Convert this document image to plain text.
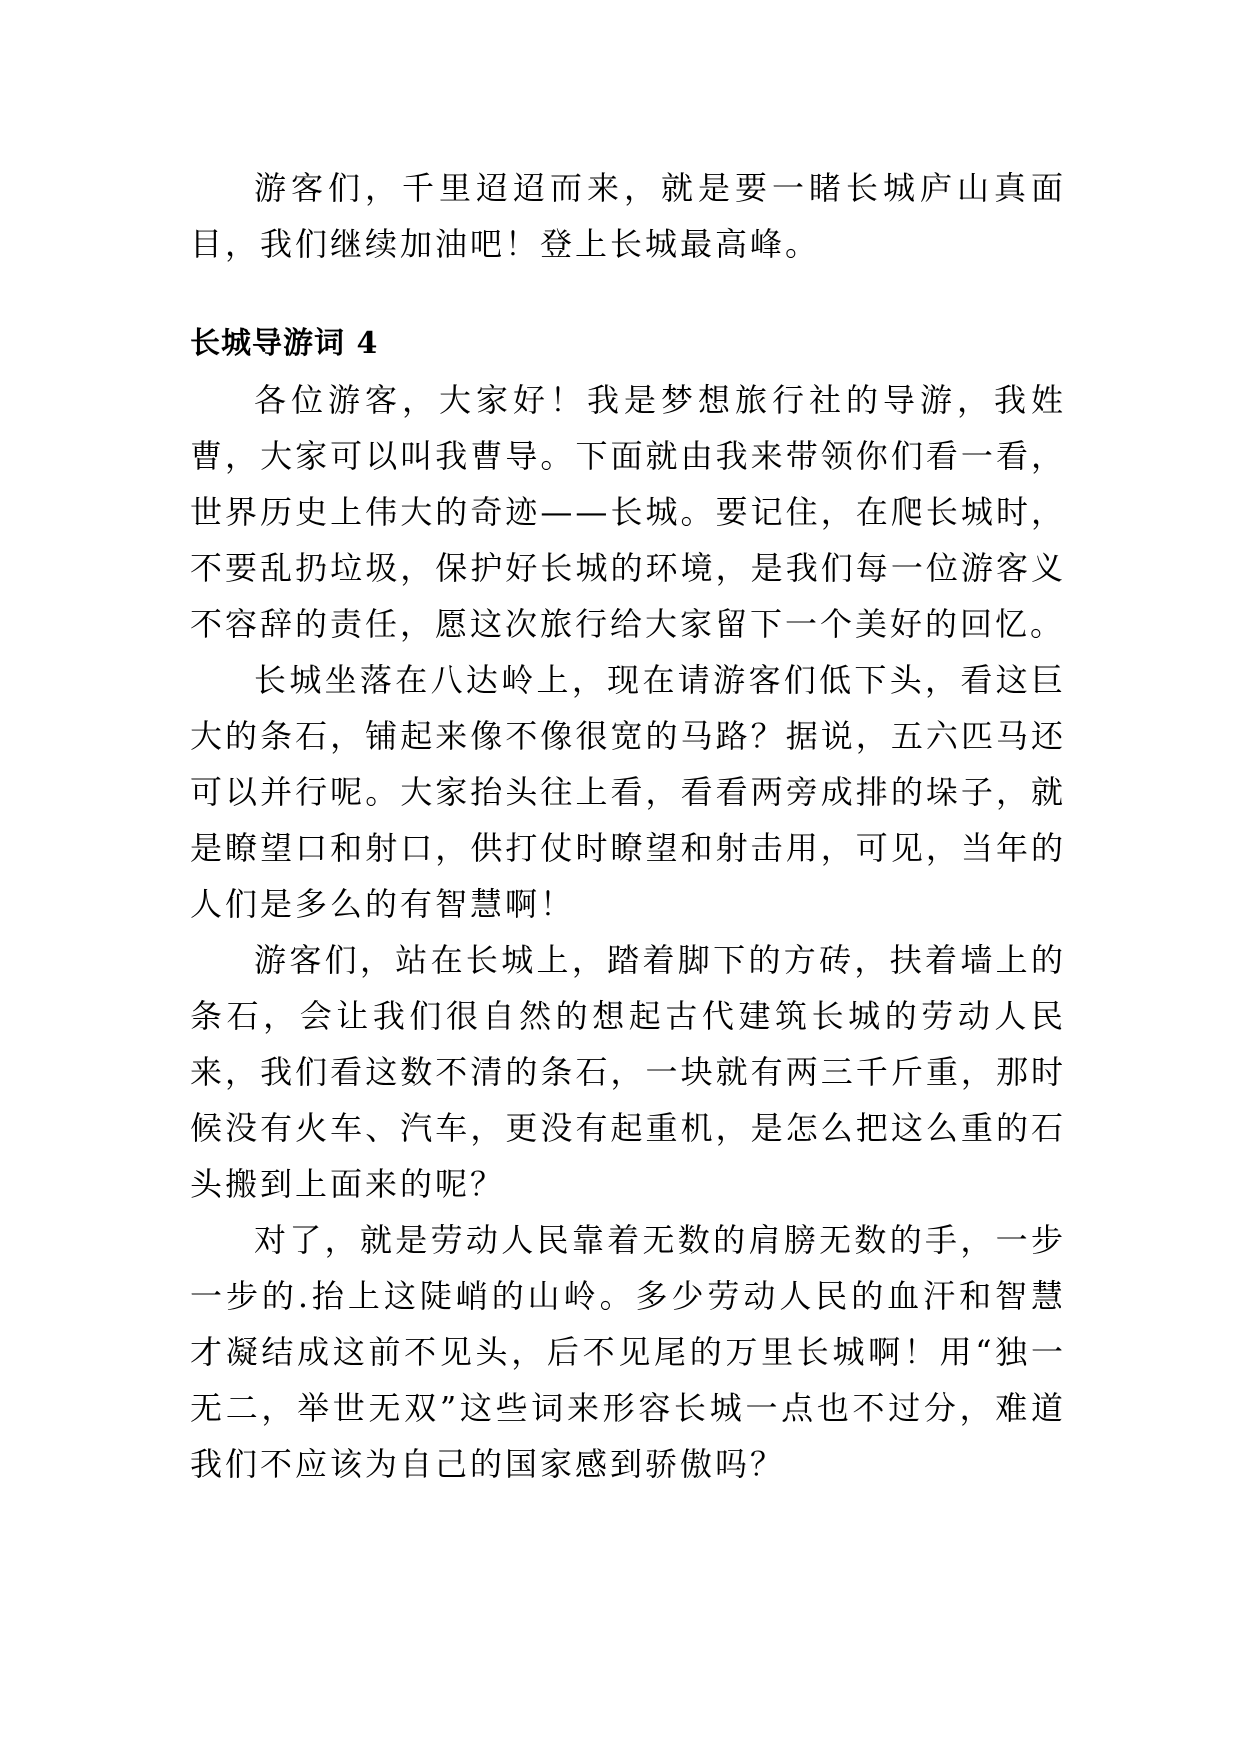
游客们，千里迢迢而来，就是要一睹长城庐山真面目，我们继续加油吧！登上长城最高峰。

长城导游词 4

各位游客，大家好！我是梦想旅行社的导游，我姓曹，大家可以叫我曹导。下面就由我来带领你们看一看，世界历史上伟大的奇迹——长城。要记住，在爬长城时，不要乱扔垃圾，保护好长城的环境，是我们每一位游客义不容辞的责任，愿这次旅行给大家留下一个美好的回忆。

长城坐落在八达岭上，现在请游客们低下头，看这巨大的条石，铺起来像不像很宽的马路？据说，五六匹马还可以并行呢。大家抬头往上看，看看两旁成排的垛子，就是瞭望口和射口，供打仗时瞭望和射击用，可见，当年的人们是多么的有智慧啊！

游客们，站在长城上，踏着脚下的方砖，扶着墙上的条石，会让我们很自然的想起古代建筑长城的劳动人民来，我们看这数不清的条石，一块就有两三千斤重，那时候没有火车、汽车，更没有起重机，是怎么把这么重的石头搬到上面来的呢？

对了，就是劳动人民靠着无数的肩膀无数的手，一步一步的.抬上这陡峭的山岭。多少劳动人民的血汗和智慧才凝结成这前不见头，后不见尾的万里长城啊！用“独一无二，举世无双”这些词来形容长城一点也不过分，难道我们不应该为自己的国家感到骄傲吗？
